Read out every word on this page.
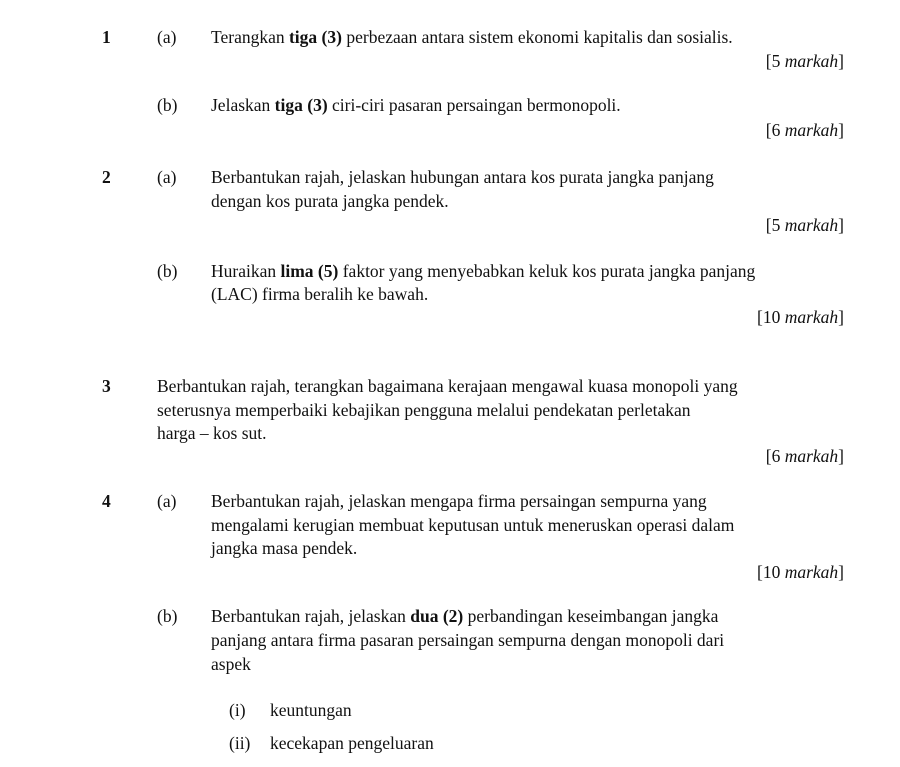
1	(a) Terangkan tiga (3) perbezaan antara sistem ekonomi kapitalis dan sosialis.
[5 markah]
(b) Jelaskan tiga (3) ciri-ciri pasaran persaingan bermonopoli.
[6 markah]
2	(a) Berbantukan rajah, jelaskan hubungan antara kos purata jangka panjang
dengan kos purata jangka pendek.
[5 markah]
(b) Huraikan lima (5) faktor yang menyebabkan keluk kos purata jangka panjang
(LAC) firma beralih ke bawah.
[10 markah]
3	Berbantukan rajah, terangkan bagaimana kerajaan mengawal kuasa monopoli yang
seterusnya memperbaiki kebajikan pengguna melalui pendekatan perletakan
harga – kos sut.
[6 markah]
4	(a) Berbantukan rajah, jelaskan mengapa firma persaingan sempurna yang
mengalami kerugian membuat keputusan untuk meneruskan operasi dalam
jangka masa pendek.
[10 markah]
(b) Berbantukan rajah, jelaskan dua (2) perbandingan keseimbangan jangka
panjang antara firma pasaran persaingan sempurna dengan monopoli dari
aspek
(i) keuntungan
(ii) kecekapan pengeluaran
